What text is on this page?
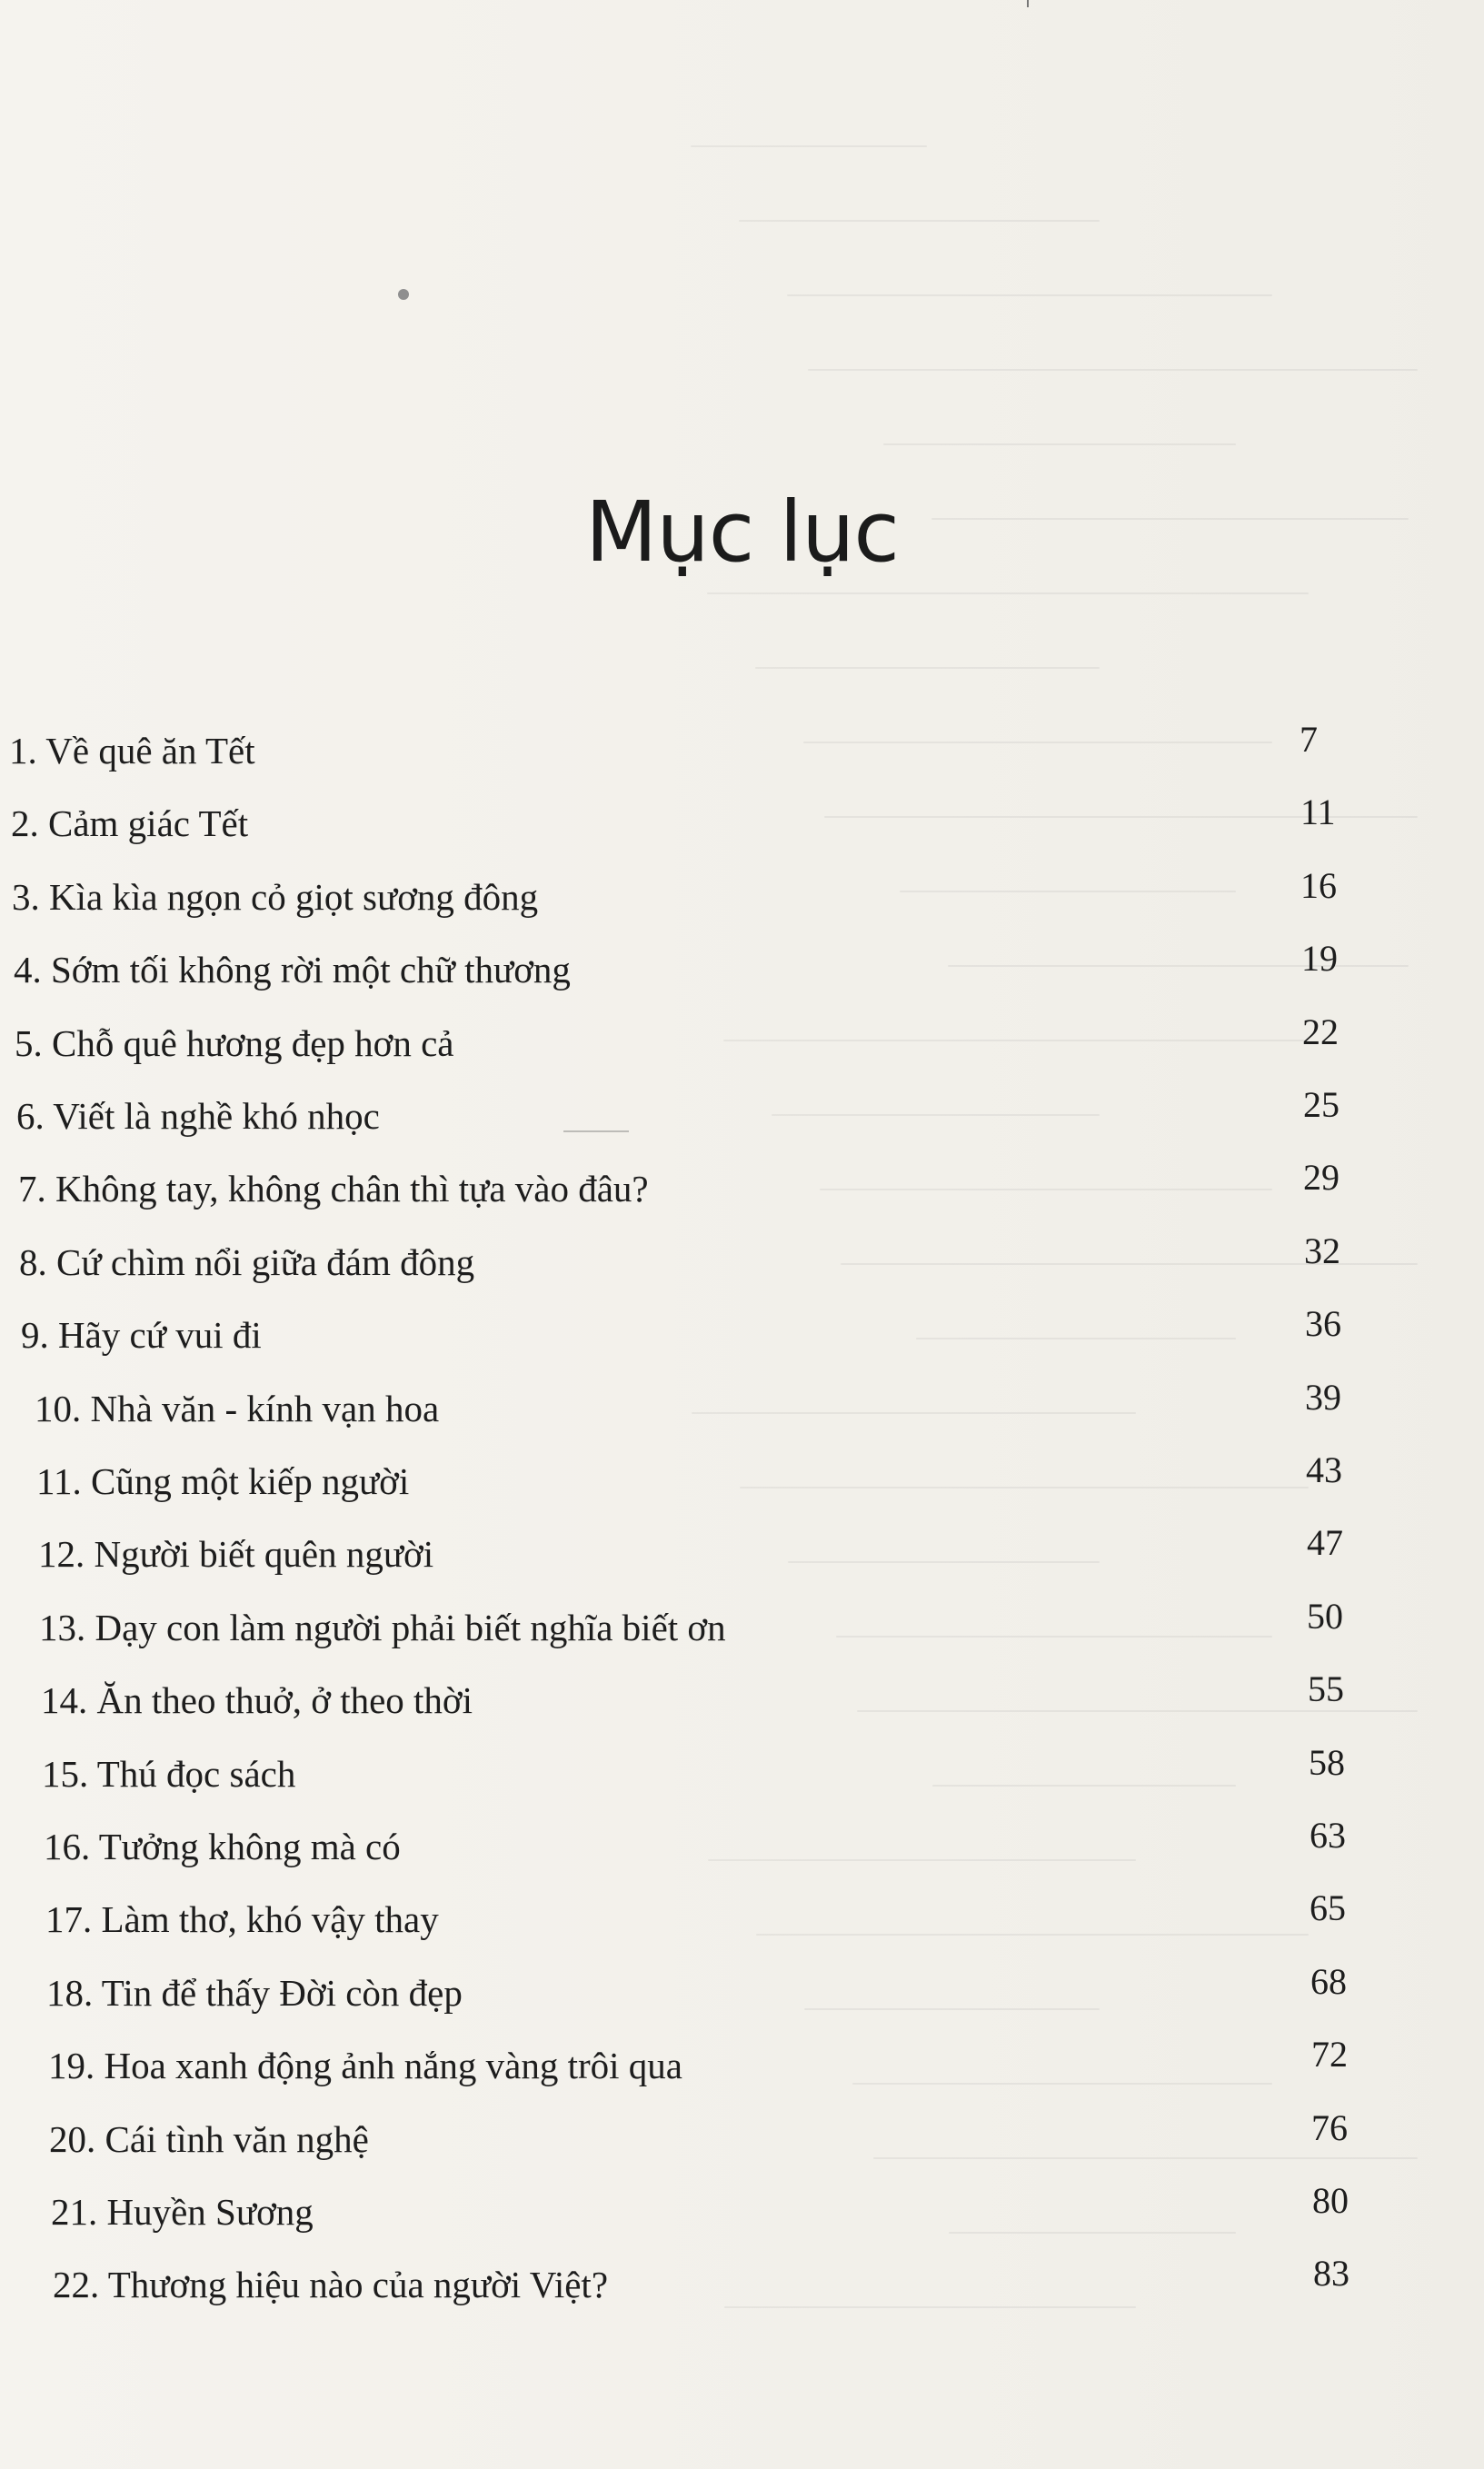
Mục lục
1. Về quê ăn Tết	7
2. Cảm giác Tết	11
3. Kìa kìa ngọn cỏ giọt sương đông	16
4. Sớm tối không rời một chữ thương	19
5. Chỗ quê hương đẹp hơn cả	22
6. Viết là nghề khó nhọc	25
7. Không tay, không chân thì tựa vào đâu?	29
8. Cứ chìm nổi giữa đám đông	32
9. Hãy cứ vui đi	36
10. Nhà văn - kính vạn hoa	39
11. Cũng một kiếp người	43
12. Người biết quên người	47
13. Dạy con làm người phải biết nghĩa biết ơn	50
14. Ăn theo thuở, ở theo thời	55
15. Thú đọc sách	58
16. Tưởng không mà có	63
17. Làm thơ, khó vậy thay	65
18. Tin để thấy Đời còn đẹp	68
19. Hoa xanh động ảnh nắng vàng trôi qua	72
20. Cái tình văn nghệ	76
21. Huyền Sương	80
22. Thương hiệu nào của người Việt?	83
